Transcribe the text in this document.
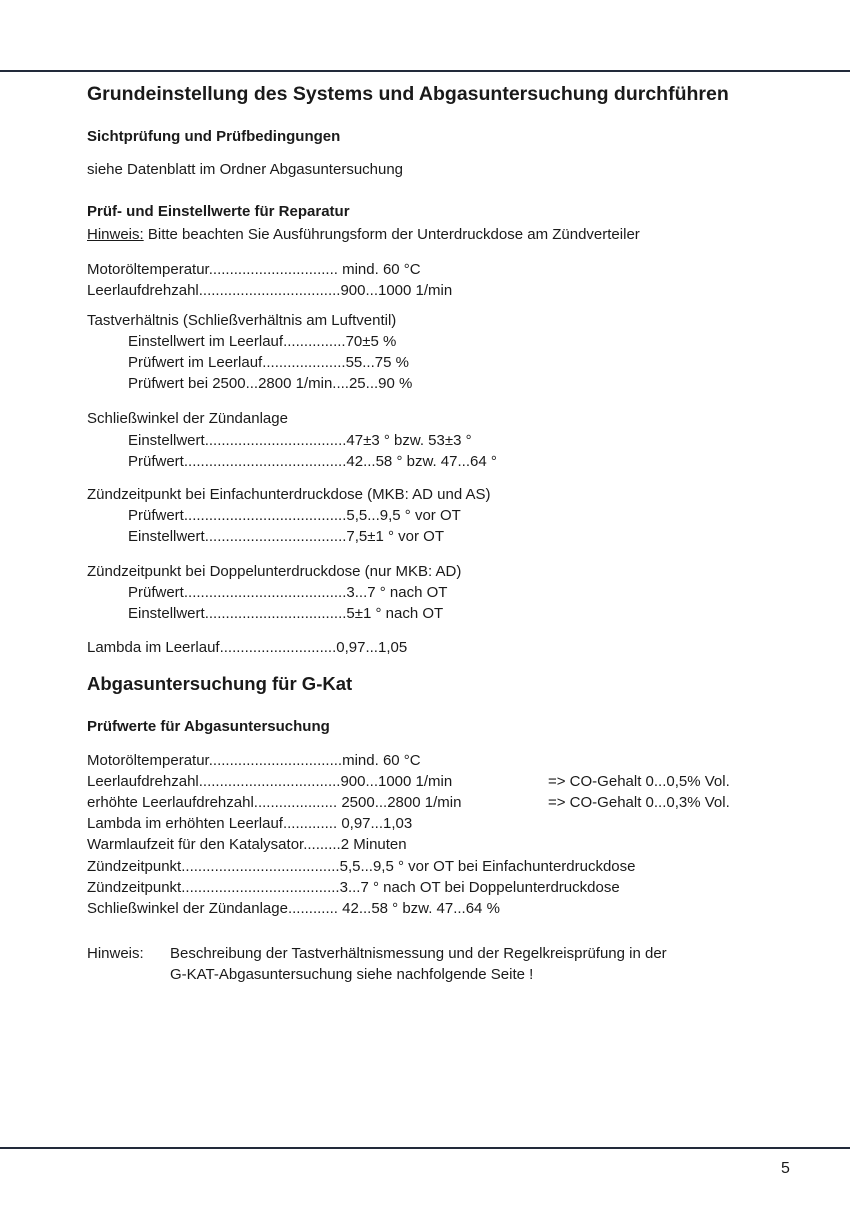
Grundeinstellung des Systems und Abgasuntersuchung durchführen
Sichtprüfung und Prüfbedingungen
siehe Datenblatt im Ordner Abgasuntersuchung
Prüf- und Einstellwerte für Reparatur
Hinweis: Bitte beachten Sie Ausführungsform der Unterdruckdose am Zündverteiler
Motoröltemperatur............................... mind. 60 °C
Leerlaufdrehzahl..................................900...1000 1/min
Tastverhältnis (Schließverhältnis am Luftventil)
Einstellwert im Leerlauf...............70±5 %
Prüfwert im Leerlauf....................55...75 %
Prüfwert bei 2500...2800 1/min....25...90 %
Schließwinkel der Zündanlage
Einstellwert..................................47±3 ° bzw. 53±3 °
Prüfwert.......................................42...58 ° bzw. 47...64 °
Zündzeitpunkt bei Einfachunterdruckdose (MKB: AD und AS)
Prüfwert.......................................5,5...9,5 ° vor OT
Einstellwert..................................7,5±1 ° vor OT
Zündzeitpunkt bei Doppelunterdruckdose (nur MKB: AD)
Prüfwert.......................................3...7 ° nach OT
Einstellwert..................................5±1 ° nach OT
Lambda im Leerlauf............................0,97...1,05
Abgasuntersuchung für G-Kat
Prüfwerte für Abgasuntersuchung
Motoröltemperatur................................mind. 60 °C
Leerlaufdrehzahl..................................900...1000 1/min	=> CO-Gehalt 0...0,5% Vol.
erhöhte Leerlaufdrehzahl.................... 2500...2800 1/min	=> CO-Gehalt 0...0,3% Vol.
Lambda im erhöhten Leerlauf............. 0,97...1,03
Warmlaufzeit für den Katalysator.........2 Minuten
Zündzeitpunkt......................................5,5...9,5 ° vor OT bei Einfachunterdruckdose
Zündzeitpunkt......................................3...7 ° nach OT bei Doppelunterdruckdose
Schließwinkel der Zündanlage............ 42...58 ° bzw. 47...64 %
Hinweis: Beschreibung der Tastverhältnismessung und der Regelkreisprüfung in der
G-KAT-Abgasuntersuchung siehe nachfolgende Seite !
5
